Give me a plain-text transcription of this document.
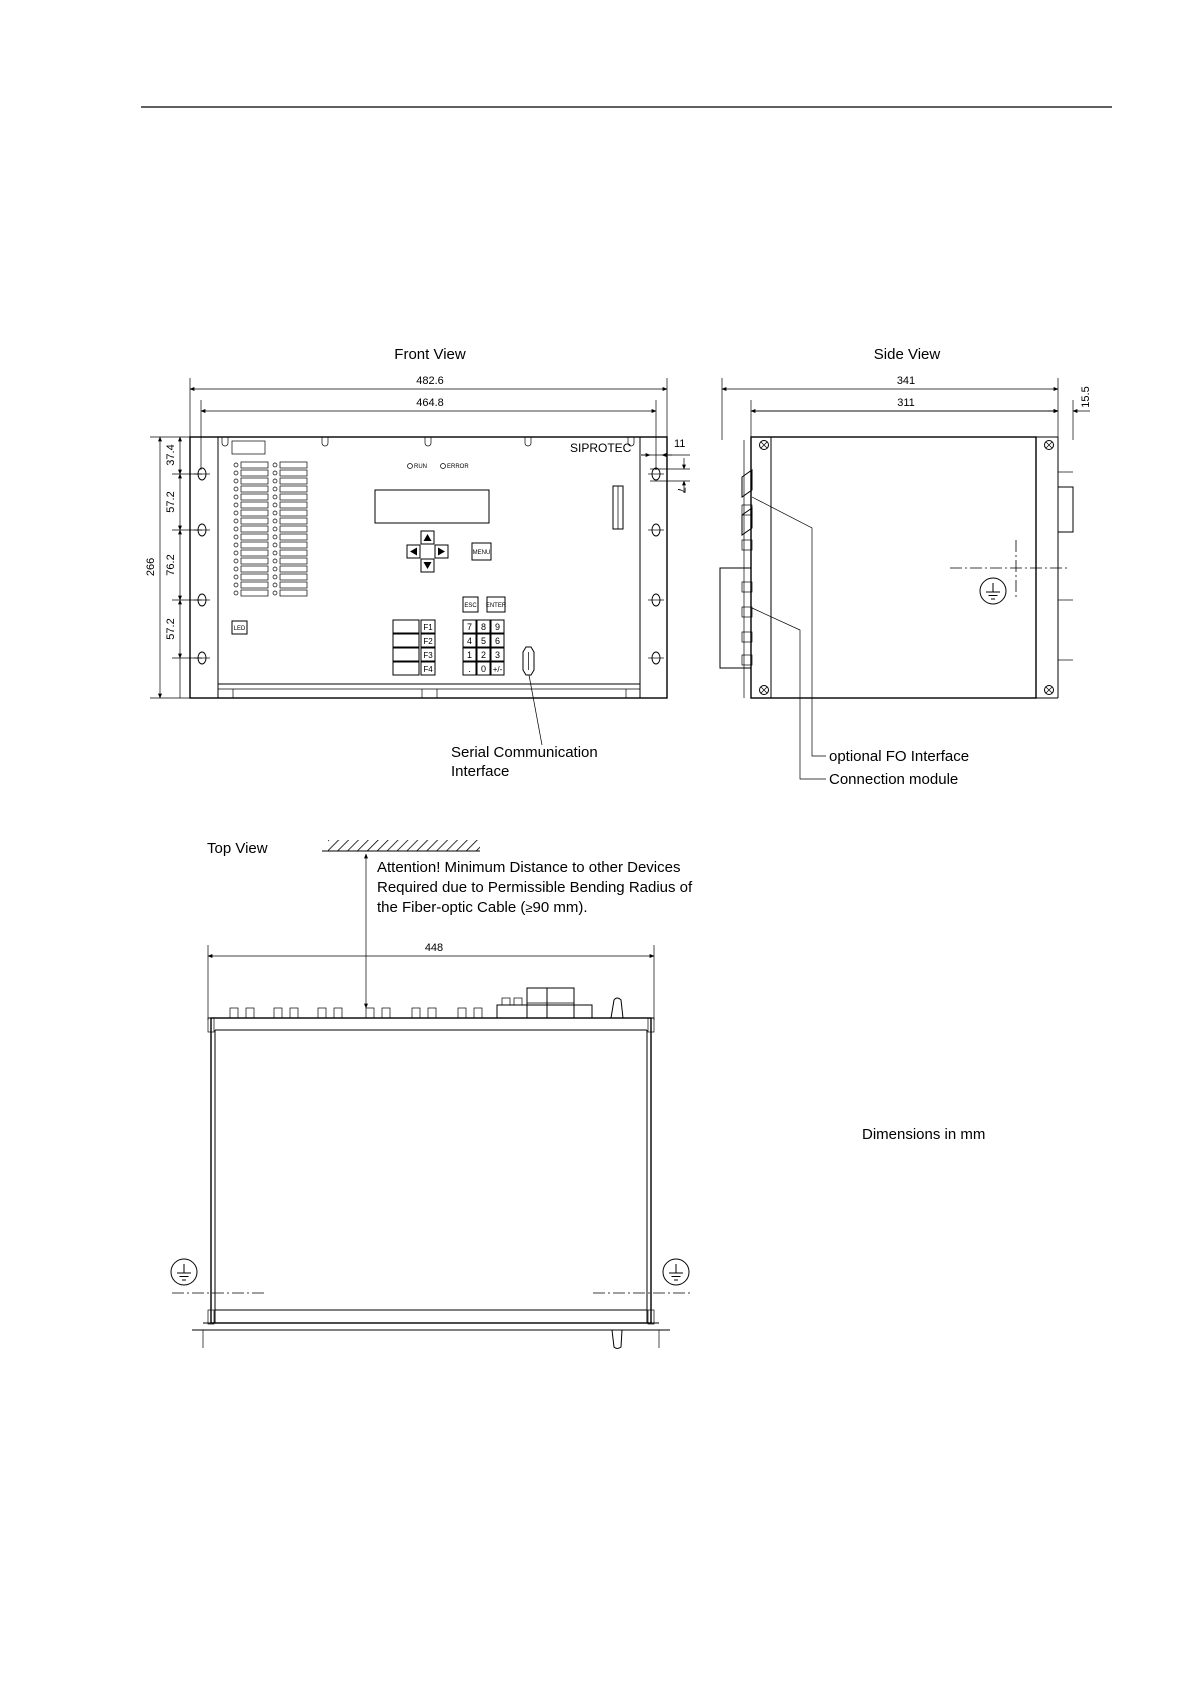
Front View
482.6
464.8
266
37.4
57.2
76.2
57.2
11
7
SIPROTEC
RUN	ERROR
MENU
ESC ENTER
LED	F1
F2
F3
F4
7 8 9
4 5 6
1 2 3
. 0 +/-
Serial Communication
Interface
Side View
341
311	15.5
optional FO Interface
Connection module
Top View
Attention! Minimum Distance to other Devices
Required due to Permissible Bending Radius of
the Fiber-optic Cable (≥90 mm).
448
Dimensions in mm
